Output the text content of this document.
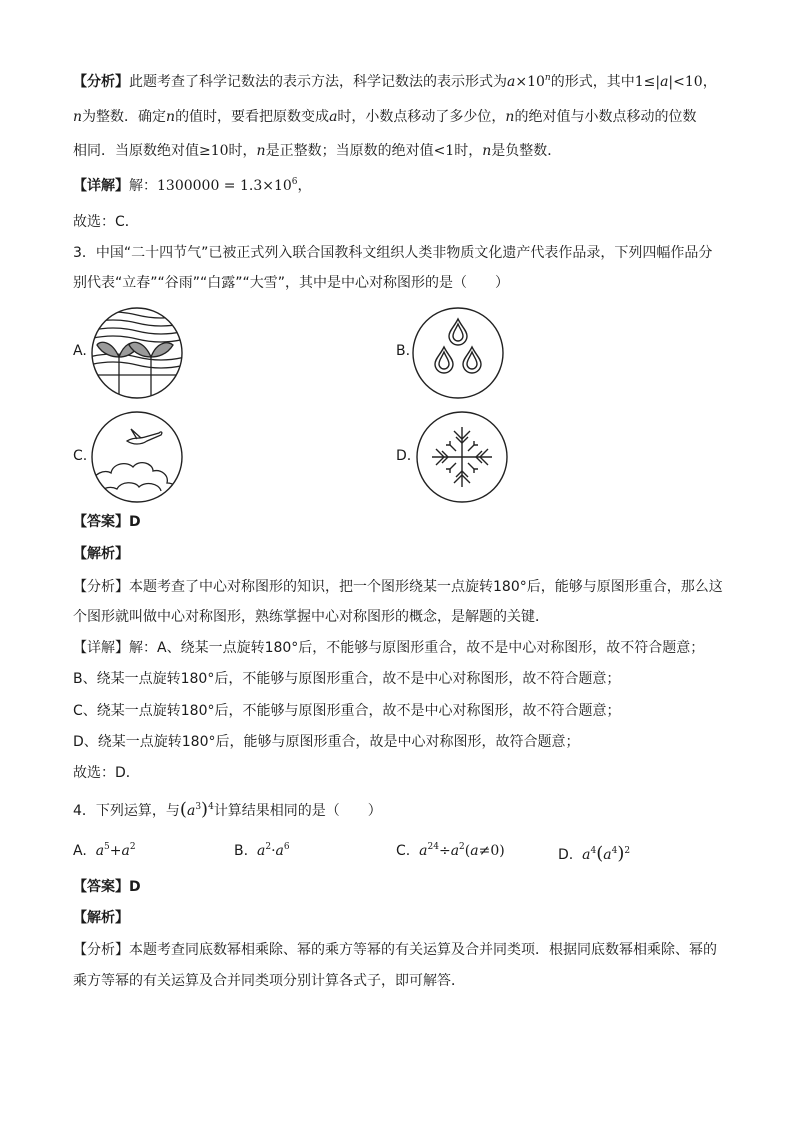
【分析】此题考查了科学记数法的表示方法，科学记数法的表示形式为$a\times 10^n$的形式，其中1≤|a|<10，
n为整数．确定n的值时，要看把原数变成a时，小数点移动了多少位，n的绝对值与小数点移动的位数
相同．当原数绝对值≥10时，n是正整数；当原数的绝对值<1时，n是负整数．
【详解】解：$1300000 = 1.3\times 10^6$，
故选：C．
3．中国“二十四节气”已被正式列入联合国教科文组织人类非物质文化遗产代表作品录，下列四幅作品分
别代表“立春”“谷雨”“白露”“大雪”，其中是中心对称图形的是（　　）
A.	B.
C.	D.
【答案】D
【解析】
【分析】本题考查了中心对称图形的知识，把一个图形绕某一点旋转180°后，能够与原图形重合，那么这
个图形就叫做中心对称图形，熟练掌握中心对称图形的概念，是解题的关键．
【详解】解：A、绕某一点旋转180°后，不能够与原图形重合，故不是中心对称图形，故不符合题意；
B、绕某一点旋转180°后，不能够与原图形重合，故不是中心对称图形，故不符合题意；
C、绕某一点旋转180°后，不能够与原图形重合，故不是中心对称图形，故不符合题意；
D、绕某一点旋转180°后，能够与原图形重合，故是中心对称图形，故符合题意；
故选：D．
4．下列运算，与$(a^3)^4$计算结果相同的是（　　）
A. $a^5+a^2$	B. $a^2\cdot a^6$	C. $a^{24}\div a^2(a\ne 0)$	D. $a^4(a^4)^2$
【答案】D
【解析】
【分析】本题考查同底数幂相乘除、幂的乘方等幂的有关运算及合并同类项．根据同底数幂相乘除、幂的
乘方等幂的有关运算及合并同类项分别计算各式子，即可解答．
